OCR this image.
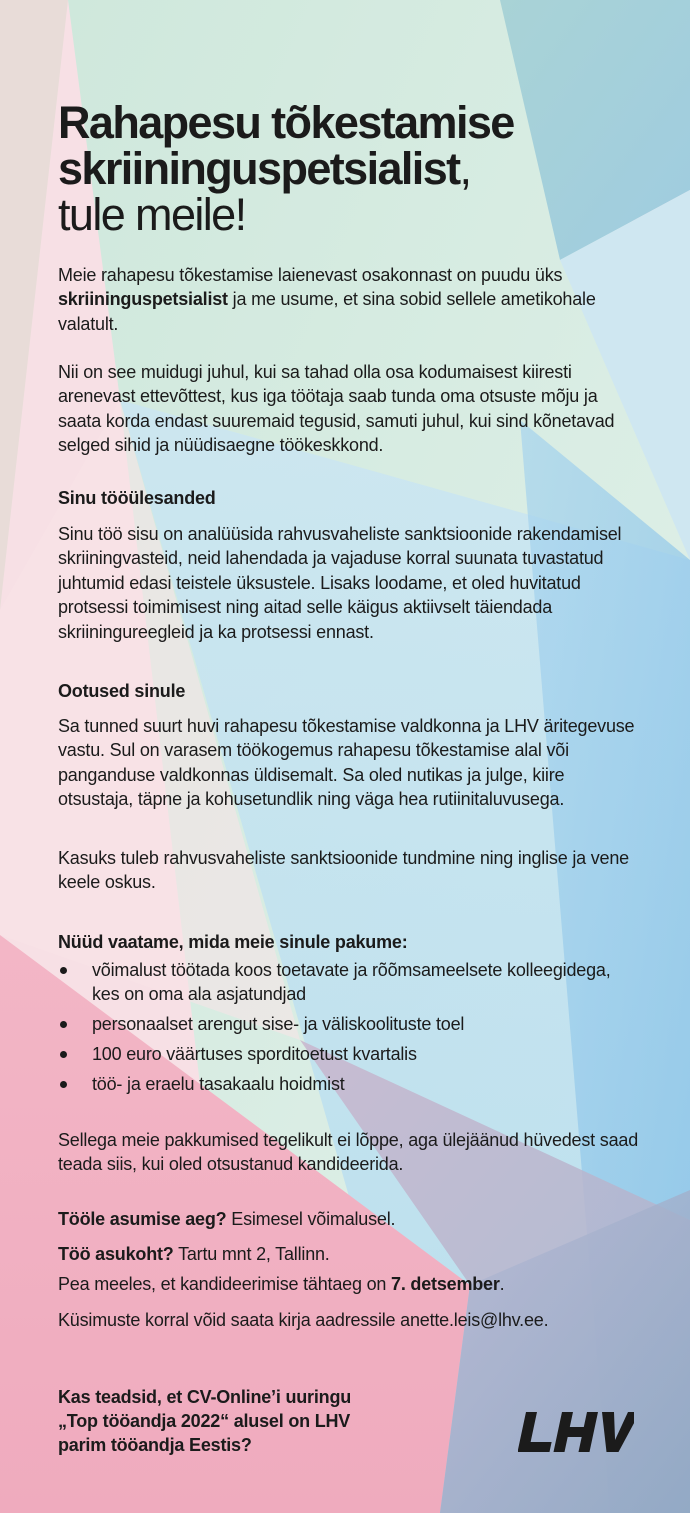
Rahapesu tõkestamise
skriininguspetsialist,
tule meile!

Meie rahapesu tõkestamise laienevast osakonnast on puudu üks skriininguspetsialist ja me usume, et sina sobid sellele ametikohale valatult.

Nii on see muidugi juhul, kui sa tahad olla osa kodumaisest kiiresti arenevast ettevõttest, kus iga töötaja saab tunda oma otsuste mõju ja saata korda endast suuremaid tegusid, samuti juhul, kui sind kõnetavad selged sihid ja nüüdisaegne töökeskkond.

Sinu tööülesanded

Sinu töö sisu on analüüsida rahvusvaheliste sanktsioonide rakendamisel skriiningvasteid, neid lahendada ja vajaduse korral suunata tuvastatud juhtumid edasi teistele üksustele. Lisaks loodame, et oled huvitatud protsessi toimimisest ning aitad selle käigus aktiivselt täiendada skriiningureegleid ja ka protsessi ennast.

Ootused sinule

Sa tunned suurt huvi rahapesu tõkestamise valdkonna ja LHV äritegevuse vastu. Sul on varasem töökogemus rahapesu tõkestamise alal või panganduse valdkonnas üldisemalt. Sa oled nutikas ja julge, kiire otsustaja, täpne ja kohusetundlik ning väga hea rutiinitaluvusega.

Kasuks tuleb rahvusvaheliste sanktsioonide tundmine ning inglise ja vene keele oskus.

Nüüd vaatame, mida meie sinule pakume:
võimalust töötada koos toetavate ja rõõmsameelsete kolleegidega, kes on oma ala asjatundjad
personaalset arengut sise- ja väliskoolituste toel
100 euro väärtuses sporditoetust kvartalis
töö- ja eraelu tasakaalu hoidmist

Sellega meie pakkumised tegelikult ei lõppe, aga ülejäänud hüvedest saad teada siis, kui oled otsustanud kandideerida.

Tööle asumise aeg? Esimesel võimalusel.

Töö asukoht? Tartu mnt 2, Tallinn.

Pea meeles, et kandideerimise tähtaeg on 7. detsember.

Küsimuste korral võid saata kirja aadressile anette.leis@lhv.ee.

Kas teadsid, et CV-Online’i uuringu
„Top tööandja 2022“ alusel on LHV
parim tööandja Eestis?
